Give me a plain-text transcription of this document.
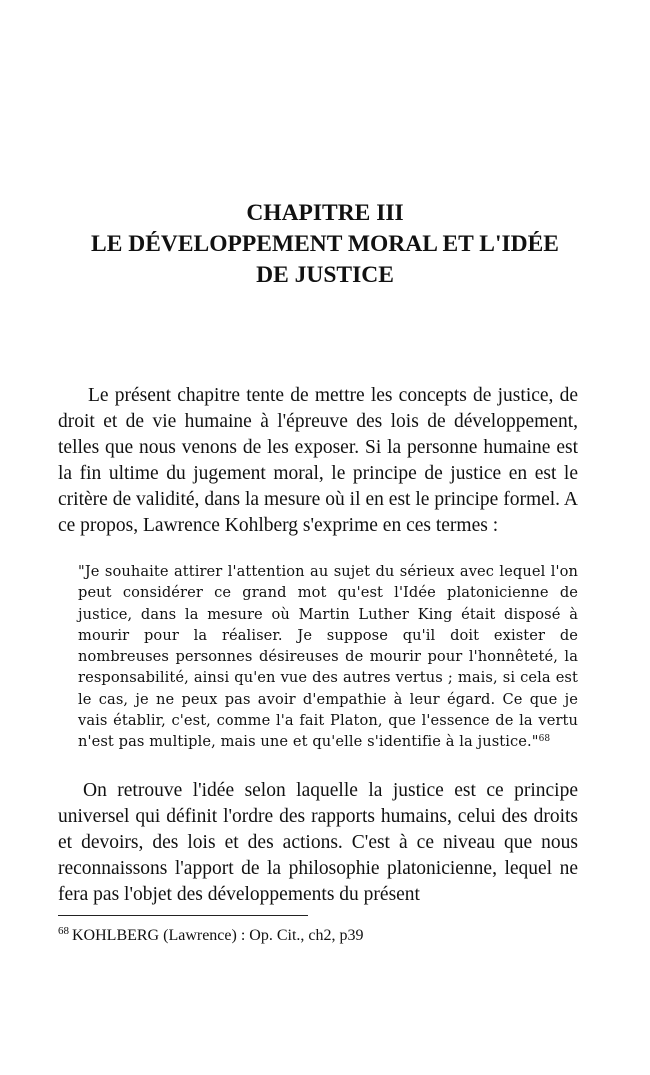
CHAPITRE III
LE DÉVELOPPEMENT MORAL ET L'IDÉE
DE JUSTICE

Le présent chapitre tente de mettre les concepts de justice, de droit et de vie humaine à l'épreuve des lois de développement, telles que nous venons de les exposer. Si la personne humaine est la fin ultime du jugement moral, le principe de justice en est le critère de validité, dans la mesure où il en est le principe formel. A ce propos, Lawrence Kohlberg s'exprime en ces termes :

"Je souhaite attirer l'attention au sujet du sérieux avec lequel l'on peut considérer ce grand mot qu'est l'Idée platonicienne de justice, dans la mesure où Martin Luther King était disposé à mourir pour la réaliser. Je suppose qu'il doit exister de nombreuses personnes désireuses de mourir pour l'honnêteté, la responsabilité, ainsi qu'en vue des autres vertus ; mais, si cela est le cas, je ne peux pas avoir d'empathie à leur égard. Ce que je vais établir, c'est, comme l'a fait Platon, que l'essence de la vertu n'est pas multiple, mais une et qu'elle s'identifie à la justice."$^{68}$

On retrouve l'idée selon laquelle la justice est ce principe universel qui définit l'ordre des rapports humains, celui des droits et devoirs, des lois et des actions. C'est à ce niveau que nous reconnaissons l'apport de la philosophie platonicienne, lequel ne fera pas l'objet des développements du présent

$^{68}$ KOHLBERG (Lawrence) : Op. Cit., ch2, p39
